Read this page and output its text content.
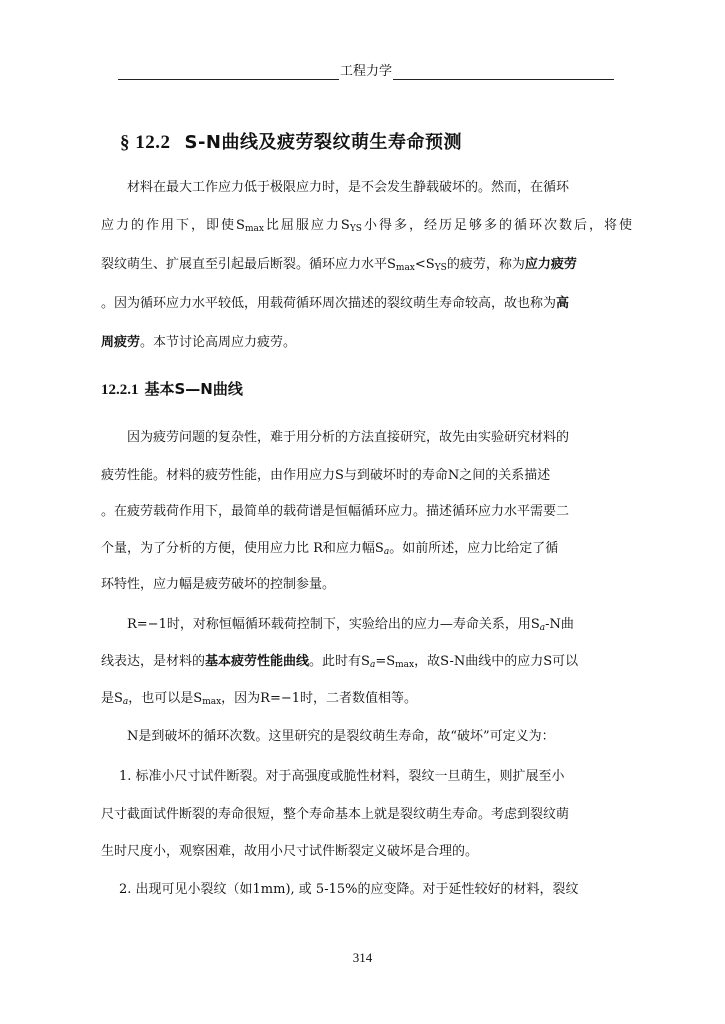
工程力学
§ 12.2 S-N曲线及疲劳裂纹萌生寿命预测
材料在最大工作应力低于极限应力时，是不会发生静载破坏的。然而，在循环
应力的作用下，即使$S_{max}$比屈服应力$S_{YS}$小得多，经历足够多的循环次数后，将使
裂纹萌生、扩展直至引起最后断裂。循环应力水平$S_{max}<S_{YS}$的疲劳，称为应力疲劳
。因为循环应力水平较低，用载荷循环周次描述的裂纹萌生寿命较高，故也称为高
周疲劳。本节讨论高周应力疲劳。
12.2.1 基本S—N曲线
因为疲劳问题的复杂性，难于用分析的方法直接研究，故先由实验研究材料的
疲劳性能。材料的疲劳性能，由作用应力S与到破坏时的寿命N之间的关系描述
。在疲劳载荷作用下，最简单的载荷谱是恒幅循环应力。描述循环应力水平需要二
个量，为了分析的方便，使用应力比 R和应力幅$S_a$。如前所述，应力比给定了循
环特性，应力幅是疲劳破坏的控制参量。
R=−1时，对称恒幅循环载荷控制下，实验给出的应力—寿命关系，用$S_a-N$曲
线表达，是材料的基本疲劳性能曲线。此时有$S_a=S_{max}$，故S-N曲线中的应力S可以
是$S_a$，也可以是$S_{max}$，因为R=−1时，二者数值相等。
N是到破坏的循环次数。这里研究的是裂纹萌生寿命，故“破坏”可定义为：
1. 标准小尺寸试件断裂。对于高强度或脆性材料，裂纹一旦萌生，则扩展至小
尺寸截面试件断裂的寿命很短，整个寿命基本上就是裂纹萌生寿命。考虑到裂纹萌
生时尺度小，观察困难，故用小尺寸试件断裂定义破坏是合理的。
2. 出现可见小裂纹（如1mm), 或 5-15%的应变降。对于延性较好的材料，裂纹
314
